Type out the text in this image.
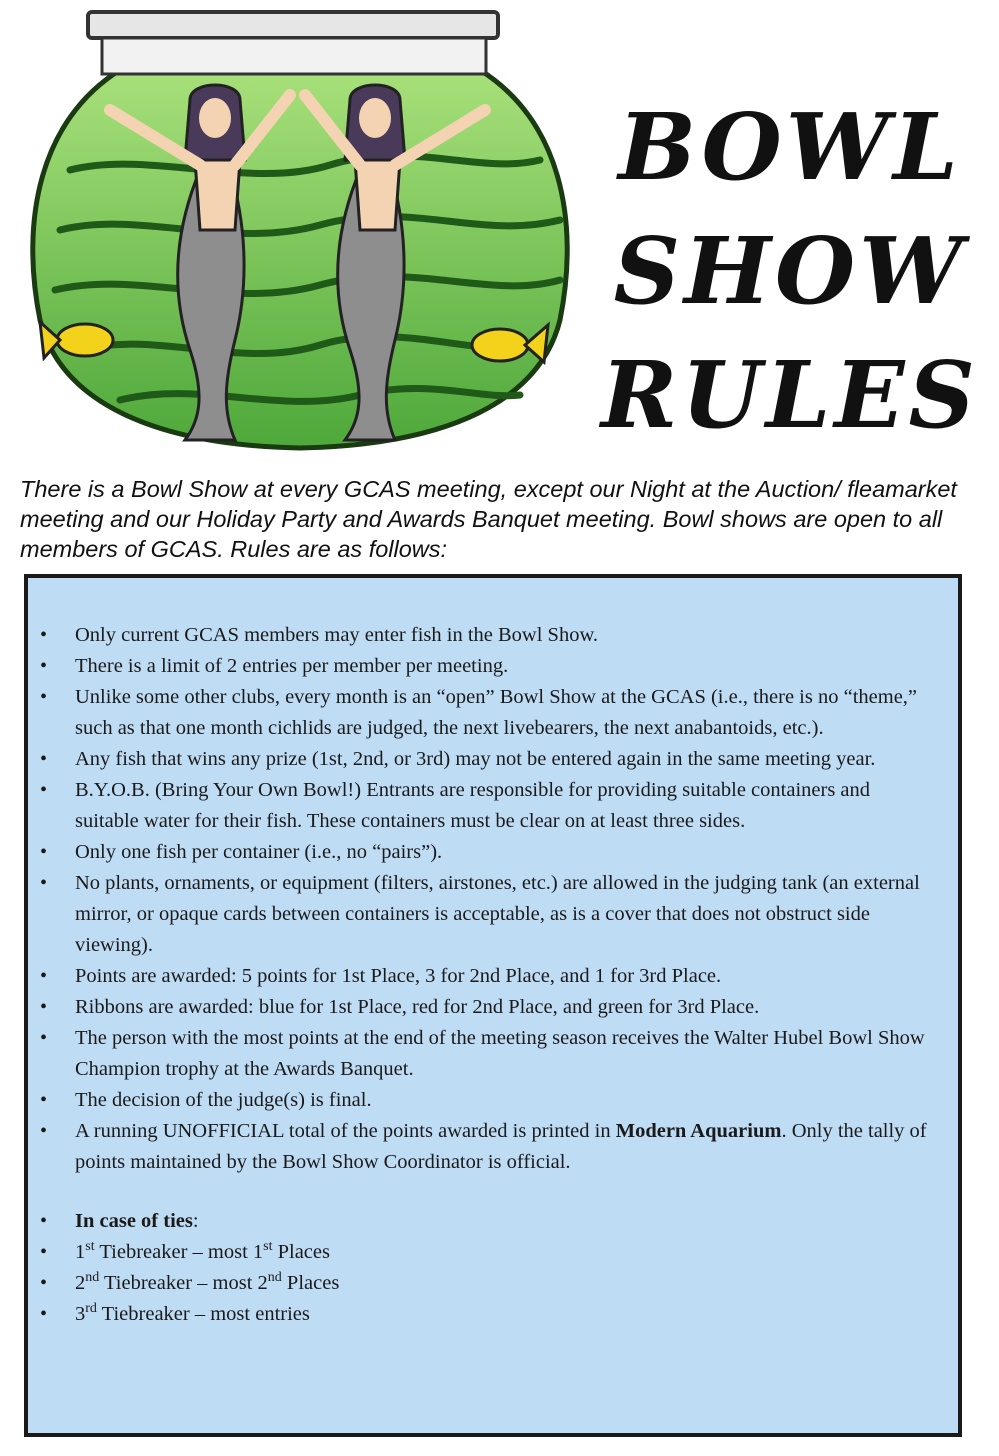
BOWL
SHOW
RULES
There is a Bowl Show at every GCAS meeting, except our Night at the Auction/ fleamarket meeting and our Holiday Party and Awards Banquet meeting. Bowl shows are open to all members of GCAS. Rules are as follows:
• Only current GCAS members may enter fish in the Bowl Show.
• There is a limit of 2 entries per member per meeting.
• Unlike some other clubs, every month is an “open” Bowl Show at the GCAS (i.e., there is no “theme,” such as that one month cichlids are judged, the next livebearers, the next anabantoids, etc.).
• Any fish that wins any prize (1st, 2nd, or 3rd) may not be entered again in the same meeting year.
• B.Y.O.B. (Bring Your Own Bowl!) Entrants are responsible for providing suitable containers and suitable water for their fish. These containers must be clear on at least three sides.
• Only one fish per container (i.e., no “pairs”).
• No plants, ornaments, or equipment (filters, airstones, etc.) are allowed in the judging tank (an external mirror, or opaque cards between containers is acceptable, as is a cover that does not obstruct side viewing).
• Points are awarded: 5 points for 1st Place, 3 for 2nd Place, and 1 for 3rd Place.
• Ribbons are awarded: blue for 1st Place, red for 2nd Place, and green for 3rd Place.
• The person with the most points at the end of the meeting season receives the Walter Hubel Bowl Show Champion trophy at the Awards Banquet.
• The decision of the judge(s) is final.
• A running UNOFFICIAL total of the points awarded is printed in Modern Aquarium. Only the tally of points maintained by the Bowl Show Coordinator is official.
• In case of ties:
• 1st Tiebreaker – most 1st Places
• 2nd Tiebreaker – most 2nd Places
• 3rd Tiebreaker – most entries
